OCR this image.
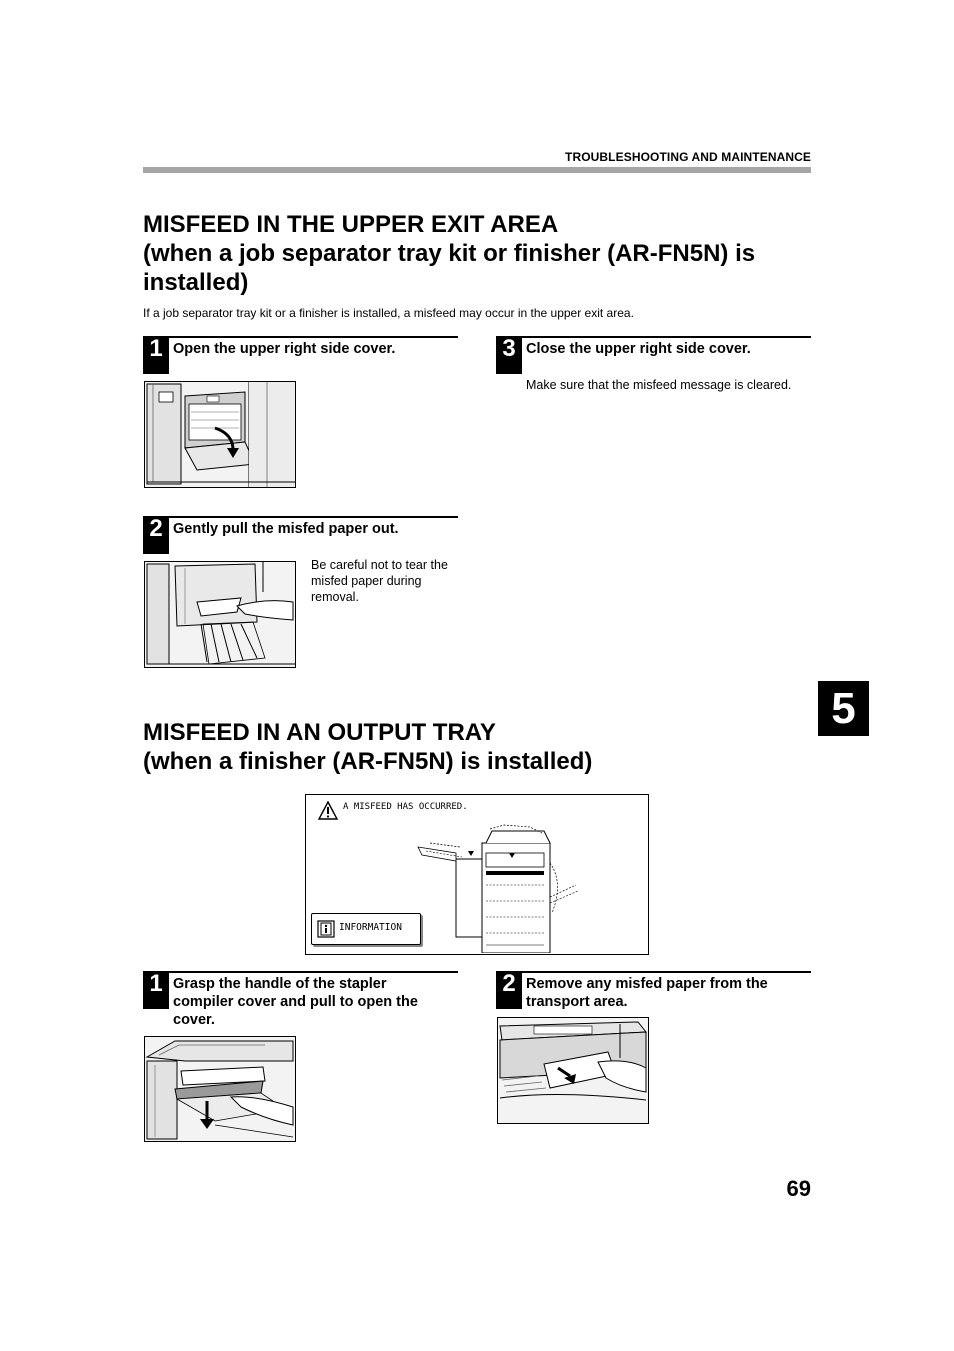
TROUBLESHOOTING AND MAINTENANCE
MISFEED IN THE UPPER EXIT AREA
(when a job separator tray kit or finisher (AR-FN5N) is
installed)
If a job separator tray kit or a finisher is installed, a misfeed may occur in the upper exit area.
1 Open the upper right side cover.
2 Gently pull the misfed paper out.
Be careful not to tear the
misfed paper during
removal.
3 Close the upper right side cover.
Make sure that the misfeed message is cleared.
5
MISFEED IN AN OUTPUT TRAY
(when a finisher (AR-FN5N) is installed)
A MISFEED HAS OCCURRED.
INFORMATION
1 Grasp the handle of the stapler
compiler cover and pull to open the
cover.
2 Remove any misfed paper from the
transport area.
69
